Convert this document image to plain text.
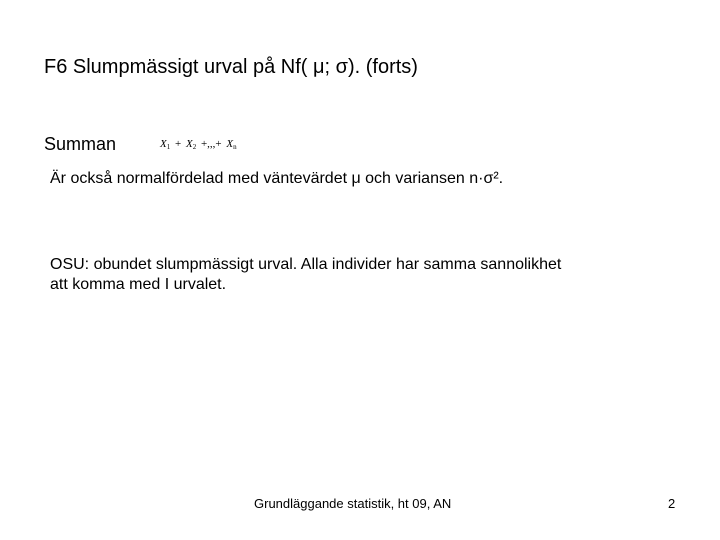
F6 Slumpmässigt urval på Nf( μ; σ). (forts)
Summan	$X_1 + X_2$ +,,,+ $X_n$
Är också normalfördelad med väntevärdet μ och variansen n·σ².
OSU: obundet slumpmässigt urval. Alla individer har samma sannolikhet att komma med I urvalet.
Grundläggande statistik, ht 09, AN	2
